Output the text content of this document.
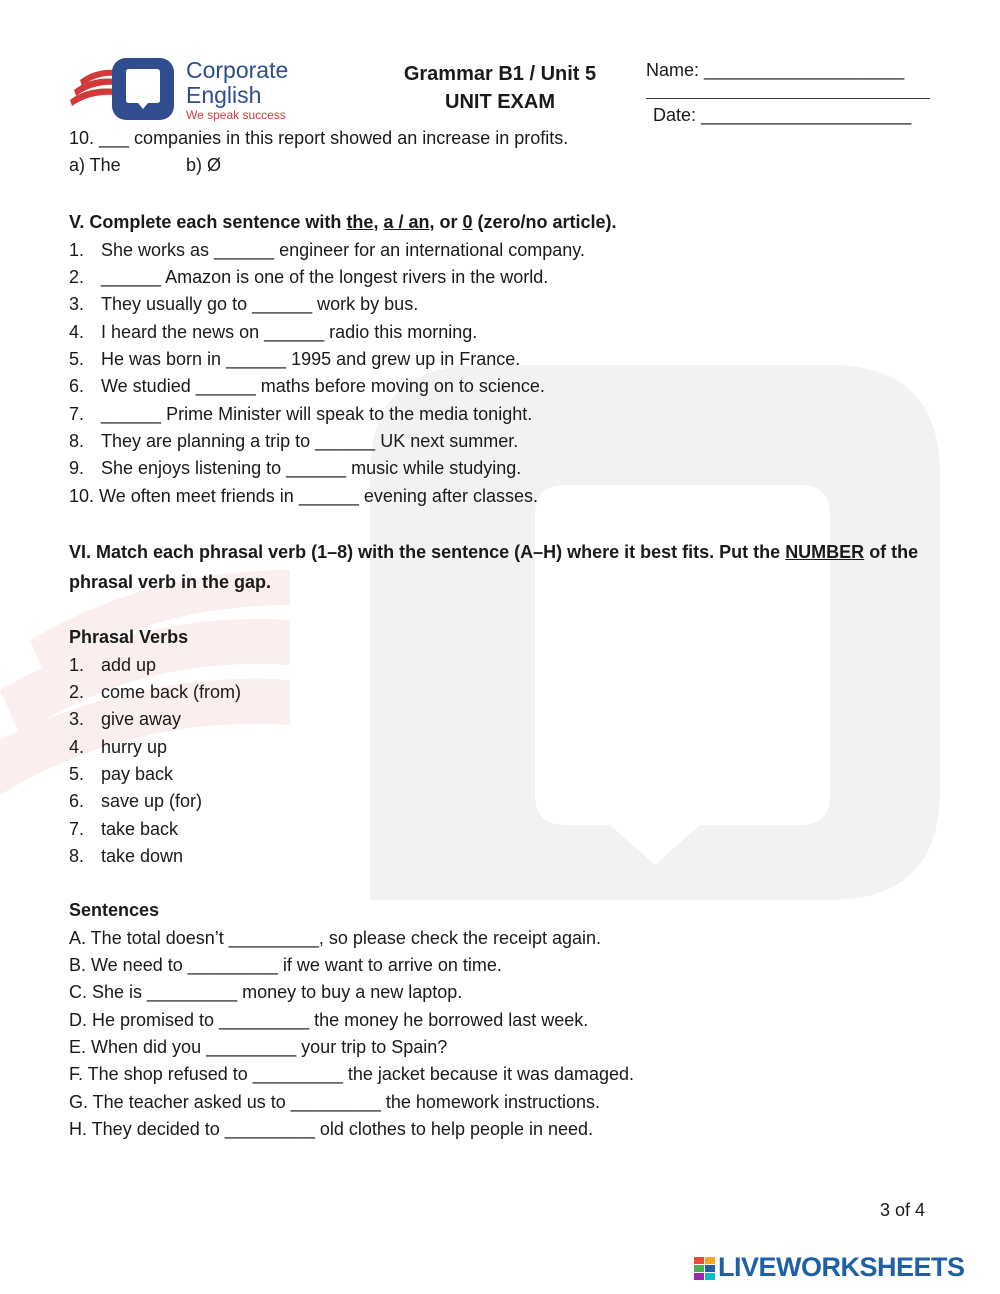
Corporate
English
We speak success
Grammar B1 / Unit 5
UNIT EXAM
Name: ____________________
Date: _____________________
10. ___ companies in this report showed an increase in profits.
a) The	b) Ø
V. Complete each sentence with the, a / an, or 0 (zero/no article).
1. She works as ______ engineer for an international company.
2. ______ Amazon is one of the longest rivers in the world.
3. They usually go to ______ work by bus.
4. I heard the news on ______ radio this morning.
5. He was born in ______ 1995 and grew up in France.
6. We studied ______ maths before moving on to science.
7. ______ Prime Minister will speak to the media tonight.
8. They are planning a trip to ______ UK next summer.
9. She enjoys listening to ______ music while studying.
10. We often meet friends in ______ evening after classes.
VI. Match each phrasal verb (1–8) with the sentence (A–H) where it best fits. Put the NUMBER of the phrasal verb in the gap.
Phrasal Verbs
1. add up
2. come back (from)
3. give away
4. hurry up
5. pay back
6. save up (for)
7. take back
8. take down
Sentences
A. The total doesn’t _________, so please check the receipt again.
B. We need to _________ if we want to arrive on time.
C. She is _________ money to buy a new laptop.
D. He promised to _________ the money he borrowed last week.
E. When did you _________ your trip to Spain?
F. The shop refused to _________ the jacket because it was damaged.
G. The teacher asked us to _________ the homework instructions.
H. They decided to _________ old clothes to help people in need.
3 of 4
LIVEWORKSHEETS
